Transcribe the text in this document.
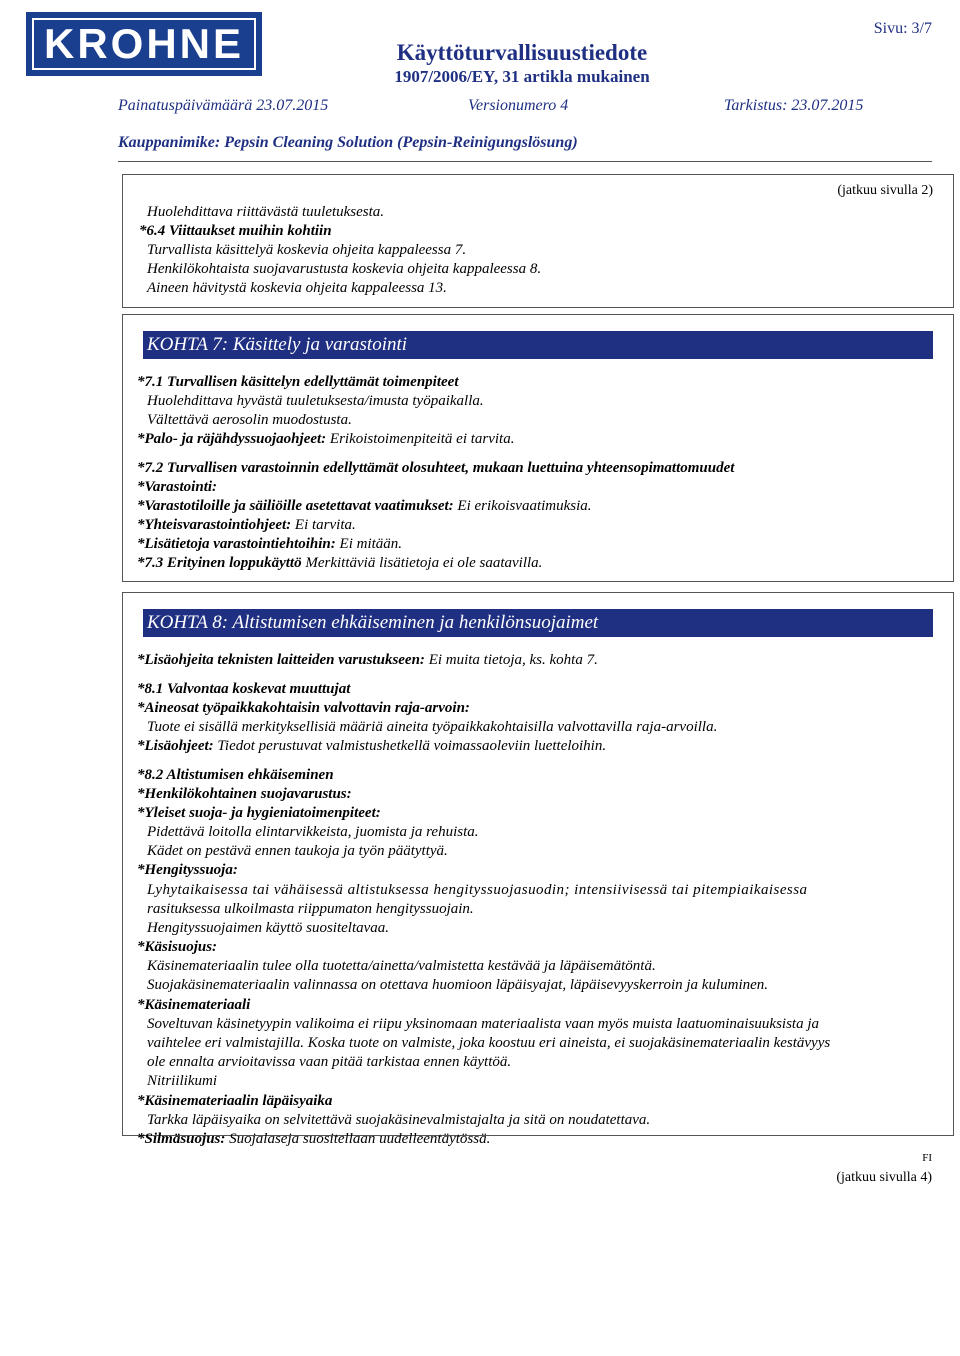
KROHNE	Käyttöturvallisuustiedote
1907/2006/EY, 31 artikla mukainen
Sivu: 3/7
Painatuspäivämäärä 23.07.2015	Versionumero 4	Tarkistus: 23.07.2015
Kauppanimike: Pepsin Cleaning Solution (Pepsin-Reinigungslösung)
(jatkuu sivulla 2)
Huolehdittava riittävästä tuuletuksesta.
*6.4 Viittaukset muihin kohtiin
Turvallista käsittelyä koskevia ohjeita kappaleessa 7.
Henkilökohtaista suojavarustusta koskevia ohjeita kappaleessa 8.
Aineen hävitystä koskevia ohjeita kappaleessa 13.
KOHTA 7: Käsittely ja varastointi
*7.1 Turvallisen käsittelyn edellyttämät toimenpiteet
Huolehdittava hyvästä tuuletuksesta/imusta työpaikalla.
Vältettävä aerosolin muodostusta.
*Palo- ja räjähdyssuojaohjeet: Erikoistoimenpiteitä ei tarvita.
*7.2 Turvallisen varastoinnin edellyttämät olosuhteet, mukaan luettuina yhteensopimattomuudet
*Varastointi:
*Varastotiloille ja säiliöille asetettavat vaatimukset: Ei erikoisvaatimuksia.
*Yhteisvarastointiohjeet: Ei tarvita.
*Lisätietoja varastointiehtoihin: Ei mitään.
*7.3 Erityinen loppukäyttö Merkittäviä lisätietoja ei ole saatavilla.
KOHTA 8: Altistumisen ehkäiseminen ja henkilönsuojaimet
*Lisäohjeita teknisten laitteiden varustukseen: Ei muita tietoja, ks. kohta 7.
*8.1 Valvontaa koskevat muuttujat
*Aineosat työpaikkakohtaisin valvottavin raja-arvoin:
Tuote ei sisällä merkityksellisiä määriä aineita työpaikkakohtaisilla valvottavilla raja-arvoilla.
*Lisäohjeet: Tiedot perustuvat valmistushetkellä voimassaoleviin luetteloihin.
*8.2 Altistumisen ehkäiseminen
*Henkilökohtainen suojavarustus:
*Yleiset suoja- ja hygieniatoimenpiteet:
Pidettävä loitolla elintarvikkeista, juomista ja rehuista.
Kädet on pestävä ennen taukoja ja työn päätyttyä.
*Hengityssuoja:
Lyhytaikaisessa tai vähäisessä altistuksessa hengityssuojasuodin; intensiivisessä tai pitempiaikaisessa
rasituksessa ulkoilmasta riippumaton hengityssuojain.
Hengityssuojaimen käyttö suositeltavaa.
*Käsisuojus:
Käsinemateriaalin tulee olla tuotetta/ainetta/valmistetta kestävää ja läpäisemätöntä.
Suojakäsinemateriaalin valinnassa on otettava huomioon läpäisyajat, läpäisevyyskerroin ja kuluminen.
*Käsinemateriaali
Soveltuvan käsinetyypin valikoima ei riipu yksinomaan materiaalista vaan myös muista laatuominaisuuksista ja
vaihtelee eri valmistajilla. Koska tuote on valmiste, joka koostuu eri aineista, ei suojakäsinemateriaalin kestävyys
ole ennalta arvioitavissa vaan pitää tarkistaa ennen käyttöä.
Nitriilikumi
*Käsinemateriaalin läpäisyaika
Tarkka läpäisyaika on selvitettävä suojakäsinevalmistajalta ja sitä on noudatettava.
*Silmäsuojus: Suojalaseja suositellaan uudelleentäytössä.
FI
(jatkuu sivulla 4)
